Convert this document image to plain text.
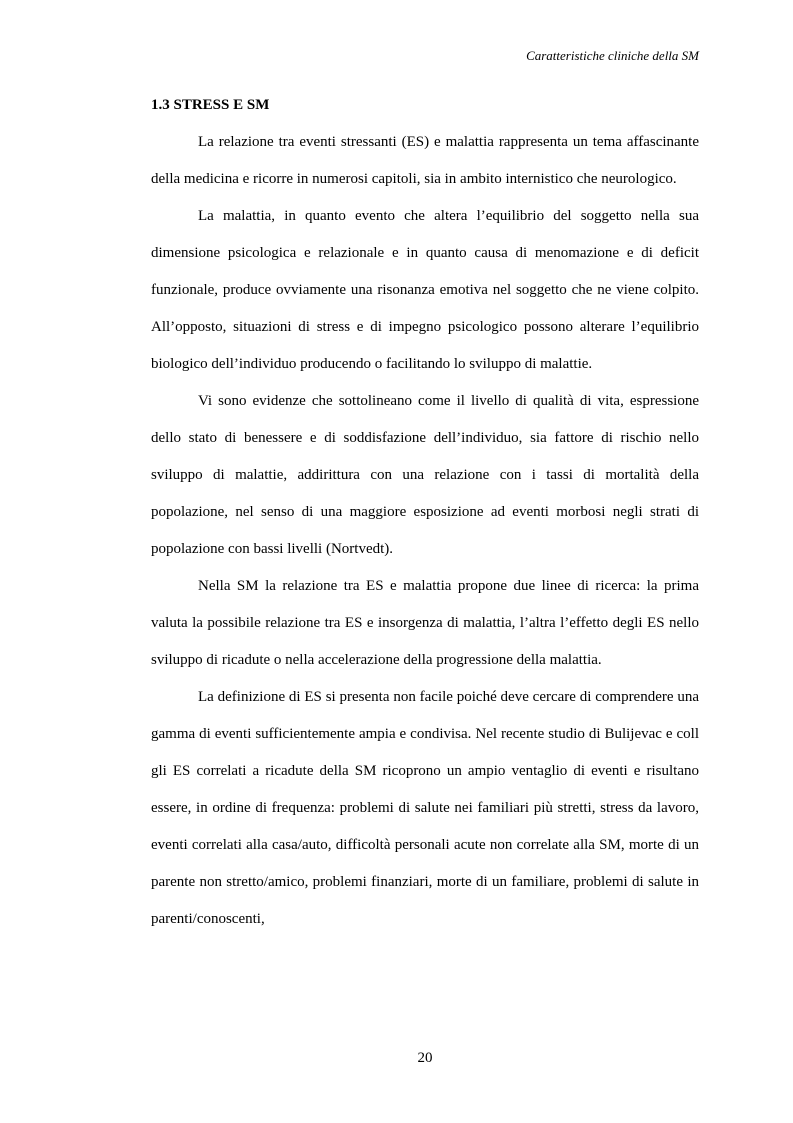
Caratteristiche cliniche della SM
1.3 STRESS E SM

La relazione tra eventi stressanti (ES) e malattia rappresenta un tema affascinante della medicina e ricorre in numerosi capitoli, sia in ambito internistico che neurologico.

La malattia, in quanto evento che altera l’equilibrio del soggetto nella sua dimensione psicologica e relazionale e in quanto causa di menomazione e di deficit funzionale, produce ovviamente una risonanza emotiva nel soggetto che ne viene colpito. All’opposto, situazioni di stress e di impegno psicologico possono alterare l’equilibrio biologico dell’individuo producendo o facilitando lo sviluppo di malattie.

Vi sono evidenze che sottolineano come il livello di qualità di vita, espressione dello stato di benessere e di soddisfazione dell’individuo, sia fattore di rischio nello sviluppo di malattie, addirittura con una relazione con i tassi di mortalità della popolazione, nel senso di una maggiore esposizione ad eventi morbosi negli strati di popolazione con bassi livelli (Nortvedt).

Nella SM la relazione tra ES e malattia propone due linee di ricerca: la prima valuta la possibile relazione tra ES e insorgenza di malattia, l’altra l’effetto degli ES nello sviluppo di ricadute o nella accelerazione della progressione della malattia.

La definizione di ES si presenta non facile poiché deve cercare di comprendere una gamma di eventi sufficientemente ampia e condivisa. Nel recente studio di Bulijevac e coll gli ES correlati a ricadute della SM ricoprono un ampio ventaglio di eventi e risultano essere, in ordine di frequenza: problemi di salute nei familiari più stretti, stress da lavoro, eventi correlati alla casa/auto, difficoltà personali acute non correlate alla SM, morte di un parente non stretto/amico, problemi finanziari, morte di un familiare, problemi di salute in parenti/conoscenti,

20
